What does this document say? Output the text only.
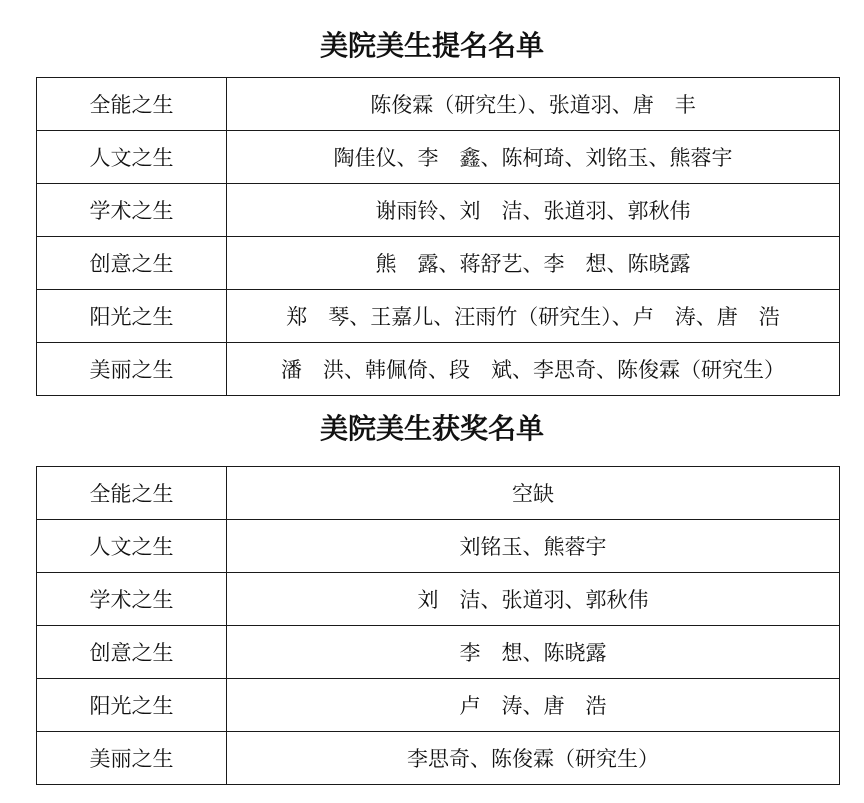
美院美生提名名单
全能之生	陈俊霖（研究生）、张道羽、唐　丰
人文之生	陶佳仪、李　鑫、陈柯琦、刘铭玉、熊蓉宇
学术之生	谢雨铃、刘　洁、张道羽、郭秋伟
创意之生	熊　露、蒋舒艺、李　想、陈晓露
阳光之生	郑　琴、王嘉儿、汪雨竹（研究生）、卢　涛、唐　浩
美丽之生	潘　洪、韩佩倚、段　斌、李思奇、陈俊霖（研究生）
美院美生获奖名单
全能之生	空缺
人文之生	刘铭玉、熊蓉宇
学术之生	刘　洁、张道羽、郭秋伟
创意之生	李　想、陈晓露
阳光之生	卢　涛、唐　浩
美丽之生	李思奇、陈俊霖（研究生）
